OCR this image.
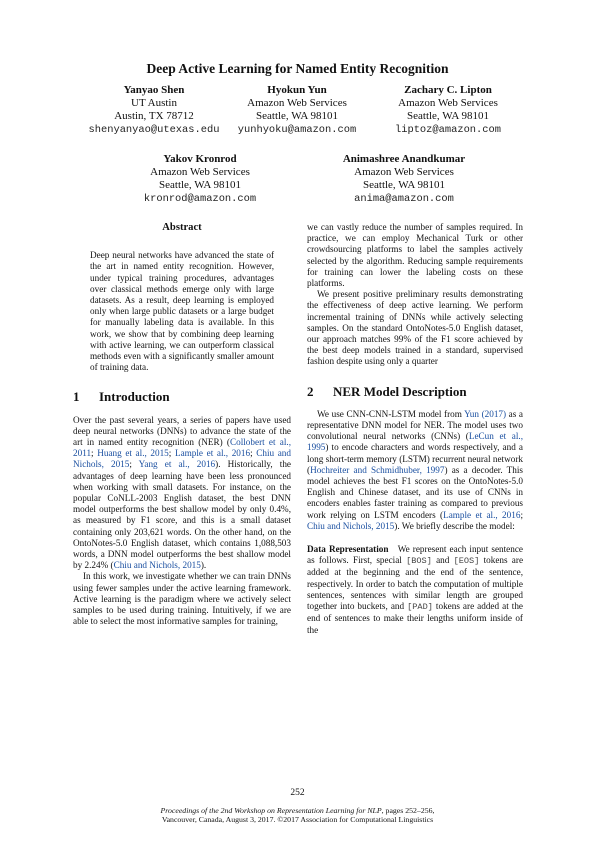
Deep Active Learning for Named Entity Recognition
Yanyao Shen
UT Austin
Austin, TX 78712
shenyanyao@utexas.edu
Hyokun Yun
Amazon Web Services
Seattle, WA 98101
yunhyoku@amazon.com
Zachary C. Lipton
Amazon Web Services
Seattle, WA 98101
liptoz@amazon.com
Yakov Kronrod
Amazon Web Services
Seattle, WA 98101
kronrod@amazon.com
Animashree Anandkumar
Amazon Web Services
Seattle, WA 98101
anima@amazon.com
Abstract

Deep neural networks have advanced the state of the art in named entity recognition. However, under typical training procedures, advantages over classical methods emerge only with large datasets. As a result, deep learning is employed only when large public datasets or a large budget for manually labeling data is available. In this work, we show that by combining deep learning with active learning, we can outperform classical methods even with a significantly smaller amount of training data.

1 Introduction

Over the past several years, a series of papers have used deep neural networks (DNNs) to advance the state of the art in named entity recognition (NER) (Collobert et al., 2011; Huang et al., 2015; Lample et al., 2016; Chiu and Nichols, 2015; Yang et al., 2016). Historically, the advantages of deep learning have been less pronounced when working with small datasets. For instance, on the popular CoNLL-2003 English dataset, the best DNN model outperforms the best shallow model by only 0.4%, as measured by F1 score, and this is a small dataset containing only 203,621 words. On the other hand, on the OntoNotes-5.0 English dataset, which contains 1,088,503 words, a DNN model outperforms the best shallow model by 2.24% (Chiu and Nichols, 2015).

In this work, we investigate whether we can train DNNs using fewer samples under the active learning framework. Active learning is the paradigm where we actively select samples to be used during training. Intuitively, if we are able to select the most informative samples for training,

we can vastly reduce the number of samples required. In practice, we can employ Mechanical Turk or other crowdsourcing platforms to label the samples actively selected by the algorithm. Reducing sample requirements for training can lower the labeling costs on these platforms.

We present positive preliminary results demonstrating the effectiveness of deep active learning. We perform incremental training of DNNs while actively selecting samples. On the standard OntoNotes-5.0 English dataset, our approach matches 99% of the F1 score achieved by the best deep models trained in a standard, supervised fashion despite using only a quarter

2 NER Model Description

We use CNN-CNN-LSTM model from Yun (2017) as a representative DNN model for NER. The model uses two convolutional neural networks (CNNs) (LeCun et al., 1995) to encode characters and words respectively, and a long short-term memory (LSTM) recurrent neural network (Hochreiter and Schmidhuber, 1997) as a decoder. This model achieves the best F1 scores on the OntoNotes-5.0 English and Chinese dataset, and its use of CNNs in encoders enables faster training as compared to previous work relying on LSTM encoders (Lample et al., 2016; Chiu and Nichols, 2015). We briefly describe the model:

Data Representation We represent each input sentence as follows. First, special [BOS] and [EOS] tokens are added at the beginning and the end of the sentence, respectively. In order to batch the computation of multiple sentences, sentences with similar length are grouped together into buckets, and [PAD] tokens are added at the end of sentences to make their lengths uniform inside of the

252
Proceedings of the 2nd Workshop on Representation Learning for NLP, pages 252–256,
Vancouver, Canada, August 3, 2017. ©2017 Association for Computational Linguistics
